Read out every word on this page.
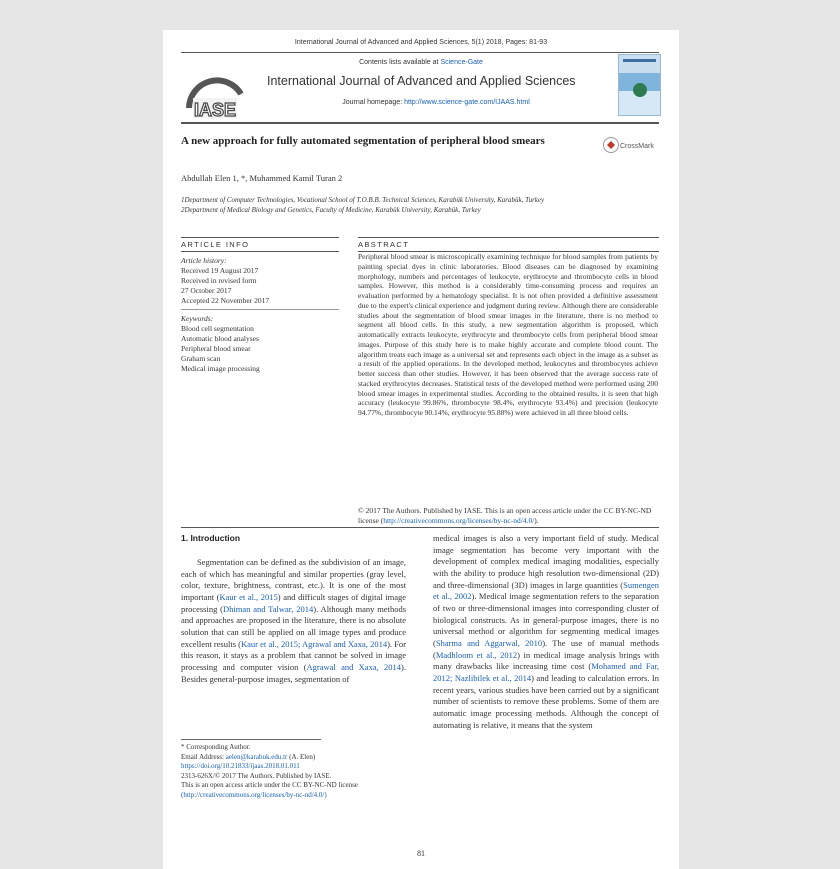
International Journal of Advanced and Applied Sciences, 5(1) 2018, Pages: 81-93
Contents lists available at Science-Gate
IASE
International Journal of Advanced and Applied Sciences
Journal homepage: http://www.science-gate.com/IJAAS.html
A new approach for fully automated segmentation of peripheral blood smears	CrossMark
Abdullah Elen 1, *, Muhammed Kamil Turan 2
1Department of Computer Technologies, Vocational School of T.O.B.B. Technical Sciences, Karabük University, Karabük, Turkey
2Department of Medical Biology and Genetics, Faculty of Medicine, Karabük University, Karabük, Turkey
ARTICLE INFO
Article history:
Received 19 August 2017
Received in revised form
27 October 2017
Accepted 22 November 2017
Keywords:
Blood cell segmentation
Automatic blood analyses
Peripheral blood smear
Graham scan
Medical image processing
ABSTRACT
Peripheral blood smear is microscopically examining technique for blood samples from patients by painting special dyes in clinic laboratories. Blood diseases can be diagnosed by examining morphology, numbers and percentages of leukocyte, erythrocyte and thrombocyte cells in blood samples. However, this method is a considerably time-consuming process and requires an evaluation performed by a hematology specialist. It is not often provided a definitive assessment due to the expert's clinical experience and judgment during review. Although there are considerable studies about the segmentation of blood smear images in the literature, there is no method to segment all blood cells. In this study, a new segmentation algorithm is proposed, which automatically extracts leukocyte, erythrocyte and thrombocyte cells from peripheral blood smear images. Purpose of this study here is to make highly accurate and complete blood count. The algorithm treats each image as a universal set and represents each object in the image as a subset as a result of the applied operations. In the developed method, leukocytes and thrombocytes achieve better success than other studies. However, it has been observed that the average success rate of stacked erythrocytes decreases. Statistical tests of the developed method were performed using 200 blood smear images in experimental studies. According to the obtained results, it is seen that high accuracy (leukocyte 99.86%, thrombocyte 98.4%, erythrocyte 93.4%) and precision (leukocyte 94.77%, thrombocyte 90.14%, erythrocyte 95.88%) were achieved in all three blood cells.
© 2017 The Authors. Published by IASE. This is an open access article under the CC BY-NC-ND license (http://creativecommons.org/licenses/by-nc-nd/4.0/).
1. Introduction
Segmentation can be defined as the subdivision of an image, each of which has meaningful and similar properties (gray level, color, texture, brightness, contrast, etc.). It is one of the most important (Kaur et al., 2015) and difficult stages of digital image processing (Dhiman and Talwar, 2014). Although many methods and approaches are proposed in the literature, there is no absolute solution that can still be applied on all image types and produce excellent results (Kaur et al., 2015; Agrawal and Xaxa, 2014). For this reason, it stays as a problem that cannot be solved in image processing and computer vision (Agrawal and Xaxa, 2014). Besides general-purpose images, segmentation of
medical images is also a very important field of study. Medical image segmentation has become very important with the development of complex medical imaging modalities, especially with the ability to produce high resolution two-dimensional (2D) and three-dimensional (3D) images in large quantities (Sumengen et al., 2002). Medical image segmentation refers to the separation of two or three-dimensional images into corresponding cluster of biological constructs. As in general-purpose images, there is no universal method or algorithm for segmenting medical images (Sharma and Aggarwal, 2010). The use of manual methods (Madhloom et al., 2012) in medical image analysis brings with many drawbacks like increasing time cost (Mohamed and Far, 2012; Nazlibilek et al., 2014) and leading to calculation errors. In recent years, various studies have been carried out by a significant number of scientists to remove these problems. Some of them are automatic image processing methods. Although the concept of automating is relative, it means that the system
* Corresponding Author.
Email Address: aelen@karabuk.edu.tr (A. Elen)
https://doi.org/10.21833/ijaas.2018.01.011
2313-626X/© 2017 The Authors. Published by IASE.
This is an open access article under the CC BY-NC-ND license
(http://creativecommons.org/licenses/by-nc-nd/4.0/)
81
